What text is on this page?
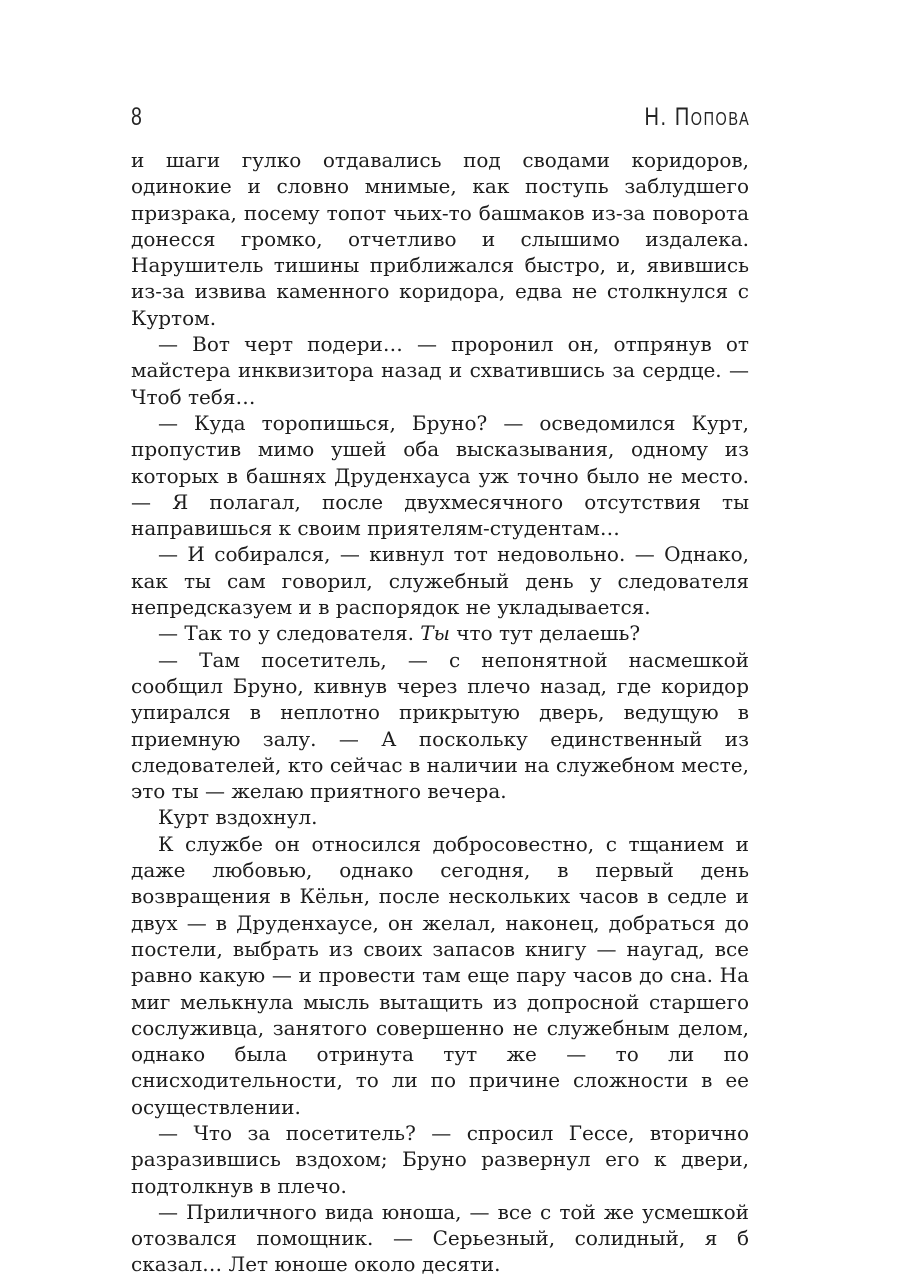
8	Н. Попова

и шаги гулко отдавались под сводами коридоров, одинокие и словно мнимые, как поступь заблудшего призрака, посему топот чьих-то башмаков из-за поворота донесся громко, отчетливо и слышимо издалека. Нарушитель тишины приближался быстро, и, явившись из-за извива каменного коридора, едва не столкнулся с Куртом.

— Вот черт подери… — проронил он, отпрянув от майстера инквизитора назад и схватившись за сердце. — Чтоб тебя…

— Куда торопишься, Бруно? — осведомился Курт, пропустив мимо ушей оба высказывания, одному из которых в башнях Друденхауса уж точно было не место. — Я полагал, после двухмесячного отсутствия ты направишься к своим приятелям-студентам…

— И собирался, — кивнул тот недовольно. — Однако, как ты сам говорил, служебный день у следователя непредсказуем и в распорядок не укладывается.

— Так то у следователя. Ты что тут делаешь?

— Там посетитель, — с непонятной насмешкой сообщил Бруно, кивнув через плечо назад, где коридор упирался в неплотно прикрытую дверь, ведущую в приемную залу. — А поскольку единственный из следователей, кто сейчас в наличии на служебном месте, это ты — желаю приятного вечера.

Курт вздохнул.

К службе он относился добросовестно, с тщанием и даже любовью, однако сегодня, в первый день возвращения в Кёльн, после нескольких часов в седле и двух — в Друденхаусе, он желал, наконец, добраться до постели, выбрать из своих запасов книгу — наугад, все равно какую — и провести там еще пару часов до сна. На миг мелькнула мысль вытащить из допросной старшего сослуживца, занятого совершенно не служебным делом, однако была отринута тут же — то ли по снисходительности, то ли по причине сложности в ее осуществлении.

— Что за посетитель? — спросил Гессе, вторично разразившись вздохом; Бруно развернул его к двери, подтолкнув в плечо.

— Приличного вида юноша, — все с той же усмешкой отозвался помощник. — Серьезный, солидный, я б сказал… Лет юноше около десяти.
